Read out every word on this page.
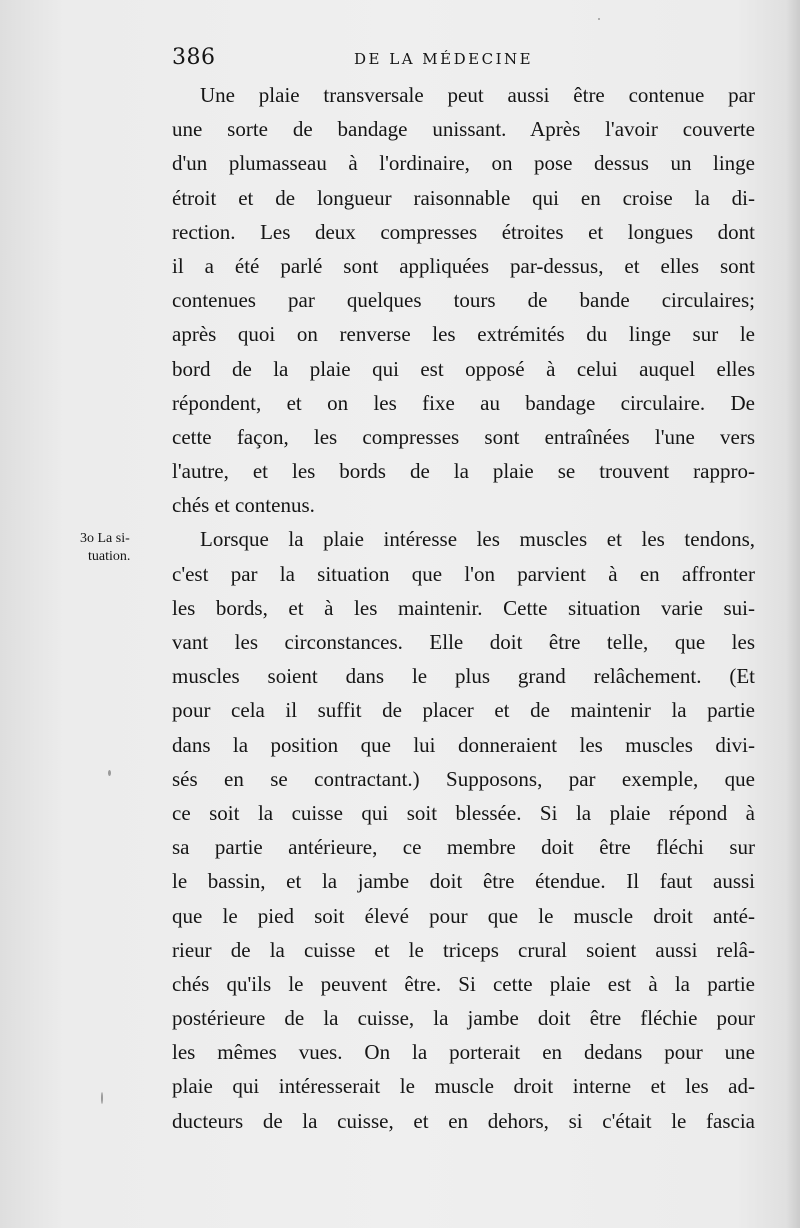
386	DE LA MÉDECINE
3o La si-
tuation.
Une plaie transversale peut aussi être contenue par
une sorte de bandage unissant. Après l'avoir couverte
d'un plumasseau à l'ordinaire, on pose dessus un linge
étroit et de longueur raisonnable qui en croise la di-
rection. Les deux compresses étroites et longues dont
il a été parlé sont appliquées par-dessus, et elles sont
contenues par quelques tours de bande circulaires;
après quoi on renverse les extrémités du linge sur le
bord de la plaie qui est opposé à celui auquel elles
répondent, et on les fixe au bandage circulaire. De
cette façon, les compresses sont entraînées l'une vers
l'autre, et les bords de la plaie se trouvent rappro-
chés et contenus.
Lorsque la plaie intéresse les muscles et les tendons,
c'est par la situation que l'on parvient à en affronter
les bords, et à les maintenir. Cette situation varie sui-
vant les circonstances. Elle doit être telle, que les
muscles soient dans le plus grand relâchement. (Et
pour cela il suffit de placer et de maintenir la partie
dans la position que lui donneraient les muscles divi-
sés en se contractant.) Supposons, par exemple, que
ce soit la cuisse qui soit blessée. Si la plaie répond à
sa partie antérieure, ce membre doit être fléchi sur
le bassin, et la jambe doit être étendue. Il faut aussi
que le pied soit élevé pour que le muscle droit anté-
rieur de la cuisse et le triceps crural soient aussi relâ-
chés qu'ils le peuvent être. Si cette plaie est à la partie
postérieure de la cuisse, la jambe doit être fléchie pour
les mêmes vues. On la porterait en dedans pour une
plaie qui intéresserait le muscle droit interne et les ad-
ducteurs de la cuisse, et en dehors, si c'était le fascia
